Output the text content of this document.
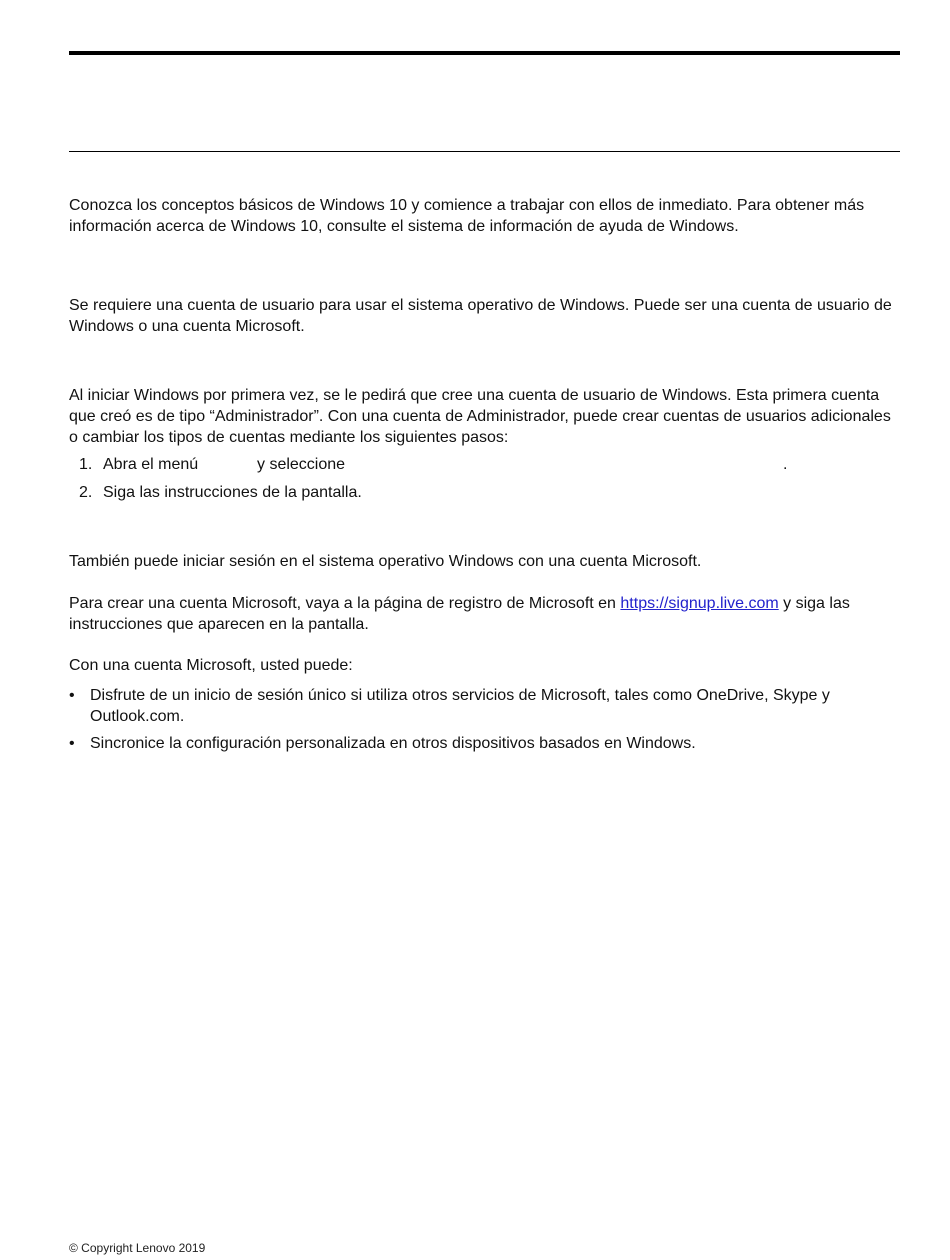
Conozca los conceptos básicos de Windows 10 y comience a trabajar con ellos de inmediato. Para obtener más información acerca de Windows 10, consulte el sistema de información de ayuda de Windows.

Se requiere una cuenta de usuario para usar el sistema operativo de Windows. Puede ser una cuenta de usuario de Windows o una cuenta Microsoft.

Al iniciar Windows por primera vez, se le pedirá que cree una cuenta de usuario de Windows. Esta primera cuenta que creó es de tipo “Administrador”. Con una cuenta de Administrador, puede crear cuentas de usuarios adicionales o cambiar los tipos de cuentas mediante los siguientes pasos:

1. Abra el menú	y seleccione	.
2. Siga las instrucciones de la pantalla.

También puede iniciar sesión en el sistema operativo Windows con una cuenta Microsoft.

Para crear una cuenta Microsoft, vaya a la página de registro de Microsoft en https://signup.live.com y siga las instrucciones que aparecen en la pantalla.

Con una cuenta Microsoft, usted puede:

• Disfrute de un inicio de sesión único si utiliza otros servicios de Microsoft, tales como OneDrive, Skype y Outlook.com.
• Sincronice la configuración personalizada en otros dispositivos basados en Windows.
© Copyright Lenovo 2019
